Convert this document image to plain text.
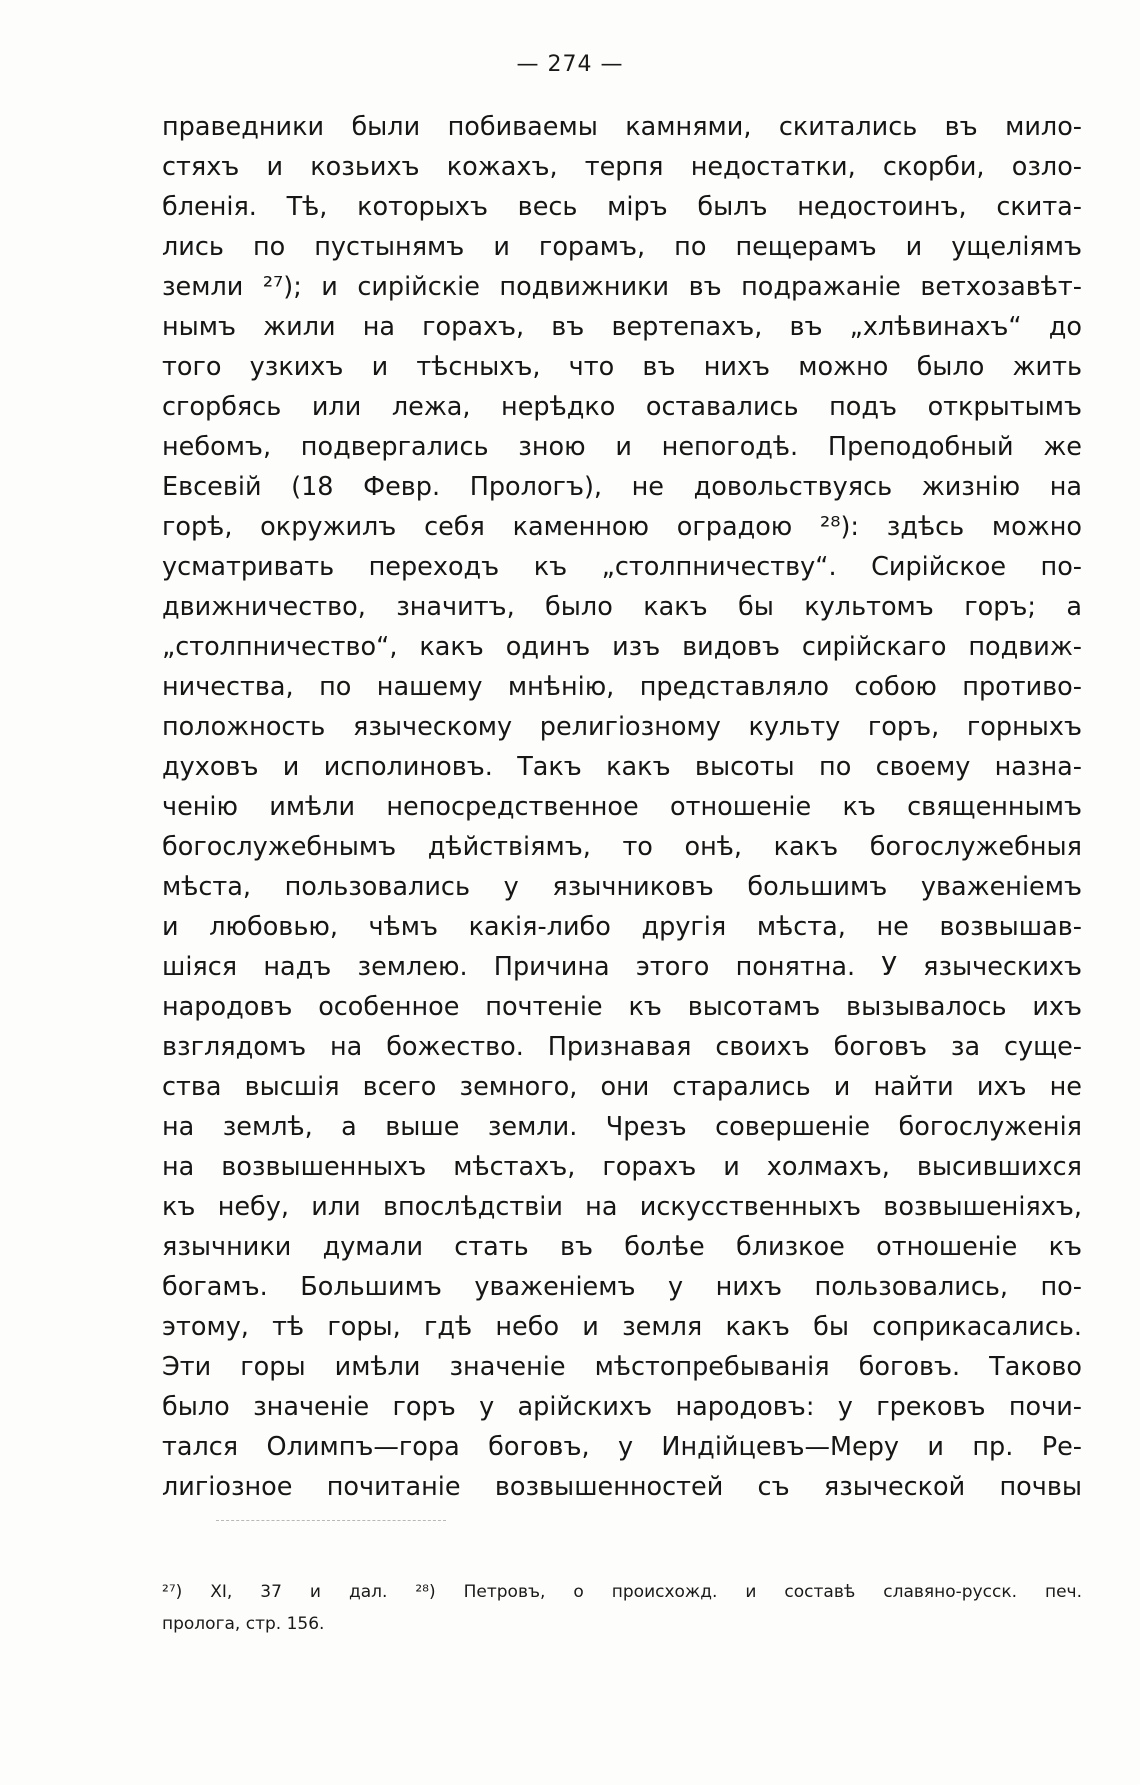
— 274 —
праведники были побиваемы камнями, скитались въ мило-
стяхъ и козьихъ кожахъ, терпя недостатки, скорби, озло-
бленія. Тѣ, которыхъ весь міръ былъ недостоинъ, скита-
лись по пустынямъ и горамъ, по пещерамъ и ущеліямъ
земли ²⁷); и сирійскіе подвижники въ подражаніе ветхозавѣт-
нымъ жили на горахъ, въ вертепахъ, въ „хлѣвинахъ“ до
того узкихъ и тѣсныхъ, что въ нихъ можно было жить
сгорбясь или лежа, нерѣдко оставались подъ открытымъ
небомъ, подвергались зною и непогодѣ. Преподобный же
Евсевій (18 Февр. Прологъ), не довольствуясь жизнію на
горѣ, окружилъ себя каменною оградою ²⁸): здѣсь можно
усматривать переходъ къ „столпничеству“. Сирійское по-
движничество, значитъ, было какъ бы культомъ горъ; а
„столпничество“, какъ одинъ изъ видовъ сирійскаго подвиж-
ничества, по нашему мнѣнію, представляло собою противо-
положность языческому религіозному культу горъ, горныхъ
духовъ и исполиновъ. Такъ какъ высоты по своему назна-
ченію имѣли непосредственное отношеніе къ священнымъ
богослужебнымъ дѣйствіямъ, то онѣ, какъ богослужебныя
мѣста, пользовались у язычниковъ большимъ уваженіемъ
и любовью, чѣмъ какія-либо другія мѣста, не возвышав-
шіяся надъ землею. Причина этого понятна. У языческихъ
народовъ особенное почтеніе къ высотамъ вызывалось ихъ
взглядомъ на божество. Признавая своихъ боговъ за суще-
ства высшія всего земного, они старались и найти ихъ не
на землѣ, а выше земли. Чрезъ совершеніе богослуженія
на возвышенныхъ мѣстахъ, горахъ и холмахъ, высившихся
къ небу, или впослѣдствіи на искусственныхъ возвышеніяхъ,
язычники думали стать въ болѣе близкое отношеніе къ
богамъ. Большимъ уваженіемъ у нихъ пользовались, по-
этому, тѣ горы, гдѣ небо и земля какъ бы соприкасались.
Эти горы имѣли значеніе мѣстопребыванія боговъ. Таково
было значеніе горъ у арійскихъ народовъ: у грековъ почи-
тался Олимпъ—гора боговъ, у Индійцевъ—Меру и пр. Ре-
лигіозное почитаніе возвышенностей съ языческой почвы
²⁷) XI, 37 и дал. ²⁸) Петровъ, о происхожд. и составѣ славяно-русск. печ.
пролога, стр. 156.
